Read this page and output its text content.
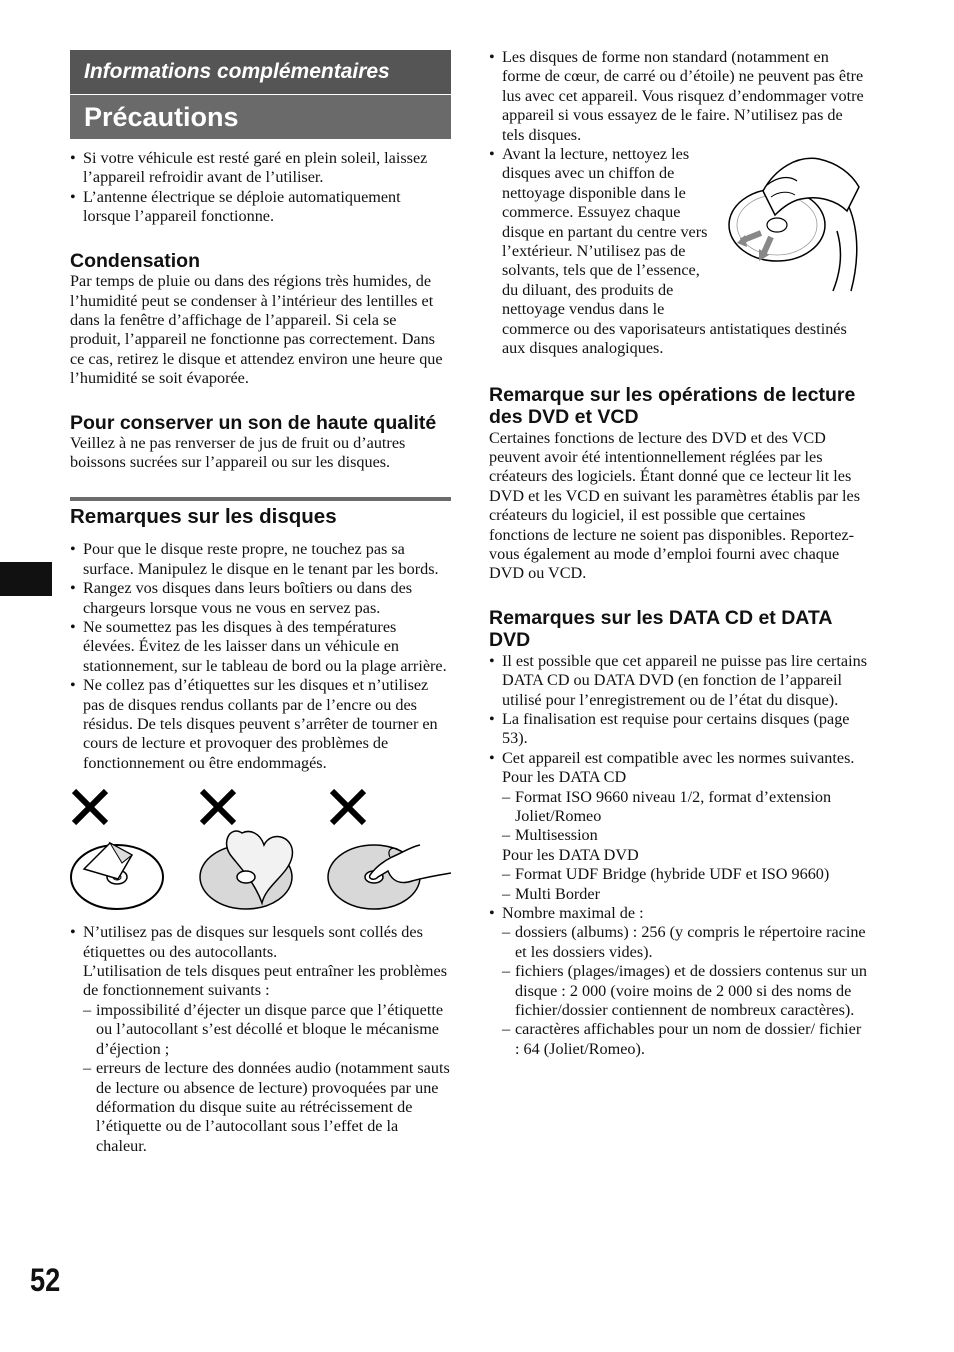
Informations complémentaires
Précautions
• Si votre véhicule est resté garé en plein soleil, laissez l’appareil refroidir avant de l’utiliser.
• L’antenne électrique se déploie automatiquement lorsque l’appareil fonctionne.
Condensation

Par temps de pluie ou dans des régions très humides, de l’humidité peut se condenser à l’intérieur des lentilles et dans la fenêtre d’affichage de l’appareil. Si cela se produit, l’appareil ne fonctionne pas correctement. Dans ce cas, retirez le disque et attendez environ une heure que l’humidité se soit évaporée.

Pour conserver un son de haute qualité

Veillez à ne pas renverser de jus de fruit ou d’autres boissons sucrées sur l’appareil ou sur les disques.

Remarques sur les disques
• Pour que le disque reste propre, ne touchez pas sa surface. Manipulez le disque en le tenant par les bords.
• Rangez vos disques dans leurs boîtiers ou dans des chargeurs lorsque vous ne vous en servez pas.
• Ne soumettez pas les disques à des températures élevées. Évitez de les laisser dans un véhicule en stationnement, sur le tableau de bord ou la plage arrière.
• Ne collez pas d’étiquettes sur les disques et n’utilisez pas de disques rendus collants par de l’encre ou des résidus. De tels disques peuvent s’arrêter de tourner en cours de lecture et provoquer des problèmes de fonctionnement ou être endommagés.
• N’utilisez pas de disques sur lesquels sont collés des étiquettes ou des autocollants.
L’utilisation de tels disques peut entraîner les problèmes de fonctionnement suivants :
– impossibilité d’éjecter un disque parce que l’étiquette ou l’autocollant s’est décollé et bloque le mécanisme d’éjection ;
– erreurs de lecture des données audio (notamment sauts de lecture ou absence de lecture) provoquées par une déformation du disque suite au rétrécissement de l’étiquette ou de l’autocollant sous l’effet de la chaleur.
52
• Les disques de forme non standard (notamment en forme de cœur, de carré ou d’étoile) ne peuvent pas être lus avec cet appareil. Vous risquez d’endommager votre appareil si vous essayez de le faire. N’utilisez pas de tels disques.
• Avant la lecture, nettoyez les
disques avec un chiffon de
nettoyage disponible dans le
commerce. Essuyez chaque
disque en partant du centre vers
l’extérieur. N’utilisez pas de
solvants, tels que de l’essence,
du diluant, des produits de
nettoyage vendus dans le
commerce ou des vaporisateurs antistatiques destinés aux disques analogiques.
Remarque sur les opérations de lecture des DVD et VCD

Certaines fonctions de lecture des DVD et des VCD peuvent avoir été intentionnellement réglées par les créateurs des logiciels. Étant donné que ce lecteur lit les DVD et les VCD en suivant les paramètres établis par les créateurs du logiciel, il est possible que certaines fonctions de lecture ne soient pas disponibles. Reportez-vous également au mode d’emploi fourni avec chaque DVD ou VCD.

Remarques sur les DATA CD et DATA DVD
• Il est possible que cet appareil ne puisse pas lire certains DATA CD ou DATA DVD (en fonction de l’appareil utilisé pour l’enregistrement ou de l’état du disque).
• La finalisation est requise pour certains disques (page 53).
• Cet appareil est compatible avec les normes suivantes.
Pour les DATA CD
– Format ISO 9660 niveau 1/2, format d’extension Joliet/Romeo
– Multisession
Pour les DATA DVD
– Format UDF Bridge (hybride UDF et ISO 9660)
– Multi Border
• Nombre maximal de :
– dossiers (albums) : 256 (y compris le répertoire racine et les dossiers vides).
– fichiers (plages/images) et de dossiers contenus sur un disque : 2 000 (voire moins de 2 000 si des noms de fichier/dossier contiennent de nombreux caractères).
– caractères affichables pour un nom de dossier/ fichier : 64 (Joliet/Romeo).
